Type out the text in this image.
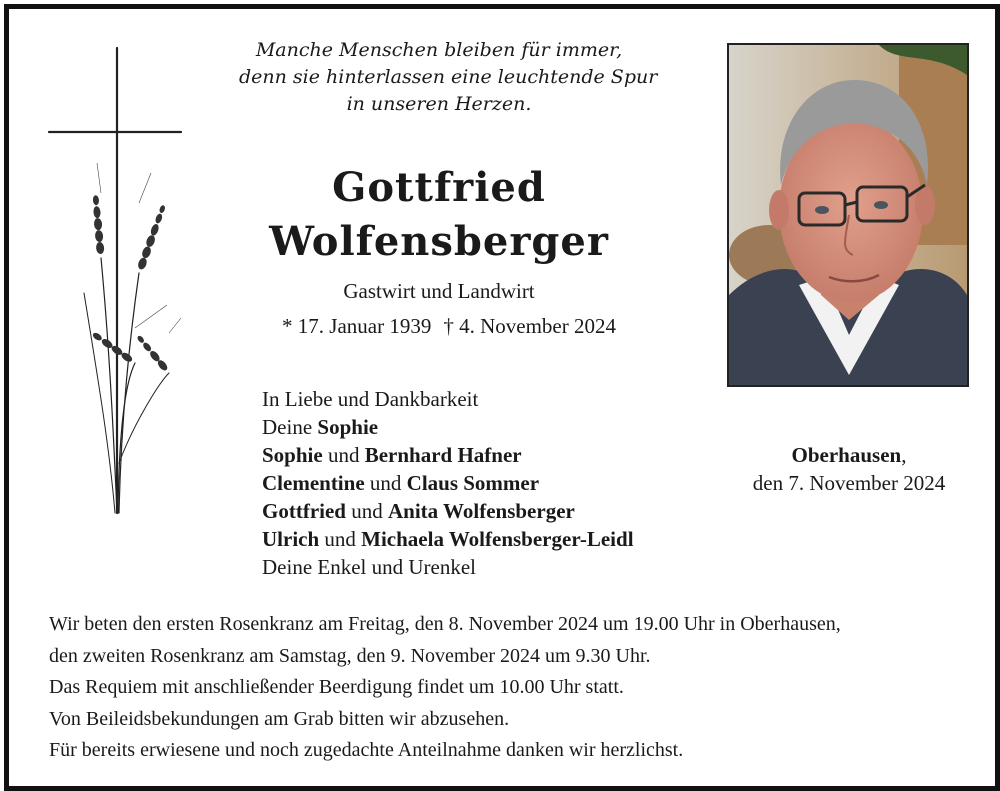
Manche Menschen bleiben für immer,
denn sie hinterlassen eine leuchtende Spur
in unseren Herzen.
Gottfried
Wolfensberger
Gastwirt und Landwirt
* 17. Januar 1939 † 4. November 2024
In Liebe und Dankbarkeit
Deine Sophie
Sophie und Bernhard Hafner
Clementine und Claus Sommer
Gottfried und Anita Wolfensberger
Ulrich und Michaela Wolfensberger-Leidl
Deine Enkel und Urenkel
Oberhausen,
den 7. November 2024
Wir beten den ersten Rosenkranz am Freitag, den 8. November 2024 um 19.00 Uhr in Oberhausen,
den zweiten Rosenkranz am Samstag, den 9. November 2024 um 9.30 Uhr.
Das Requiem mit anschließender Beerdigung findet um 10.00 Uhr statt.
Von Beileidsbekundungen am Grab bitten wir abzusehen.
Für bereits erwiesene und noch zugedachte Anteilnahme danken wir herzlichst.
